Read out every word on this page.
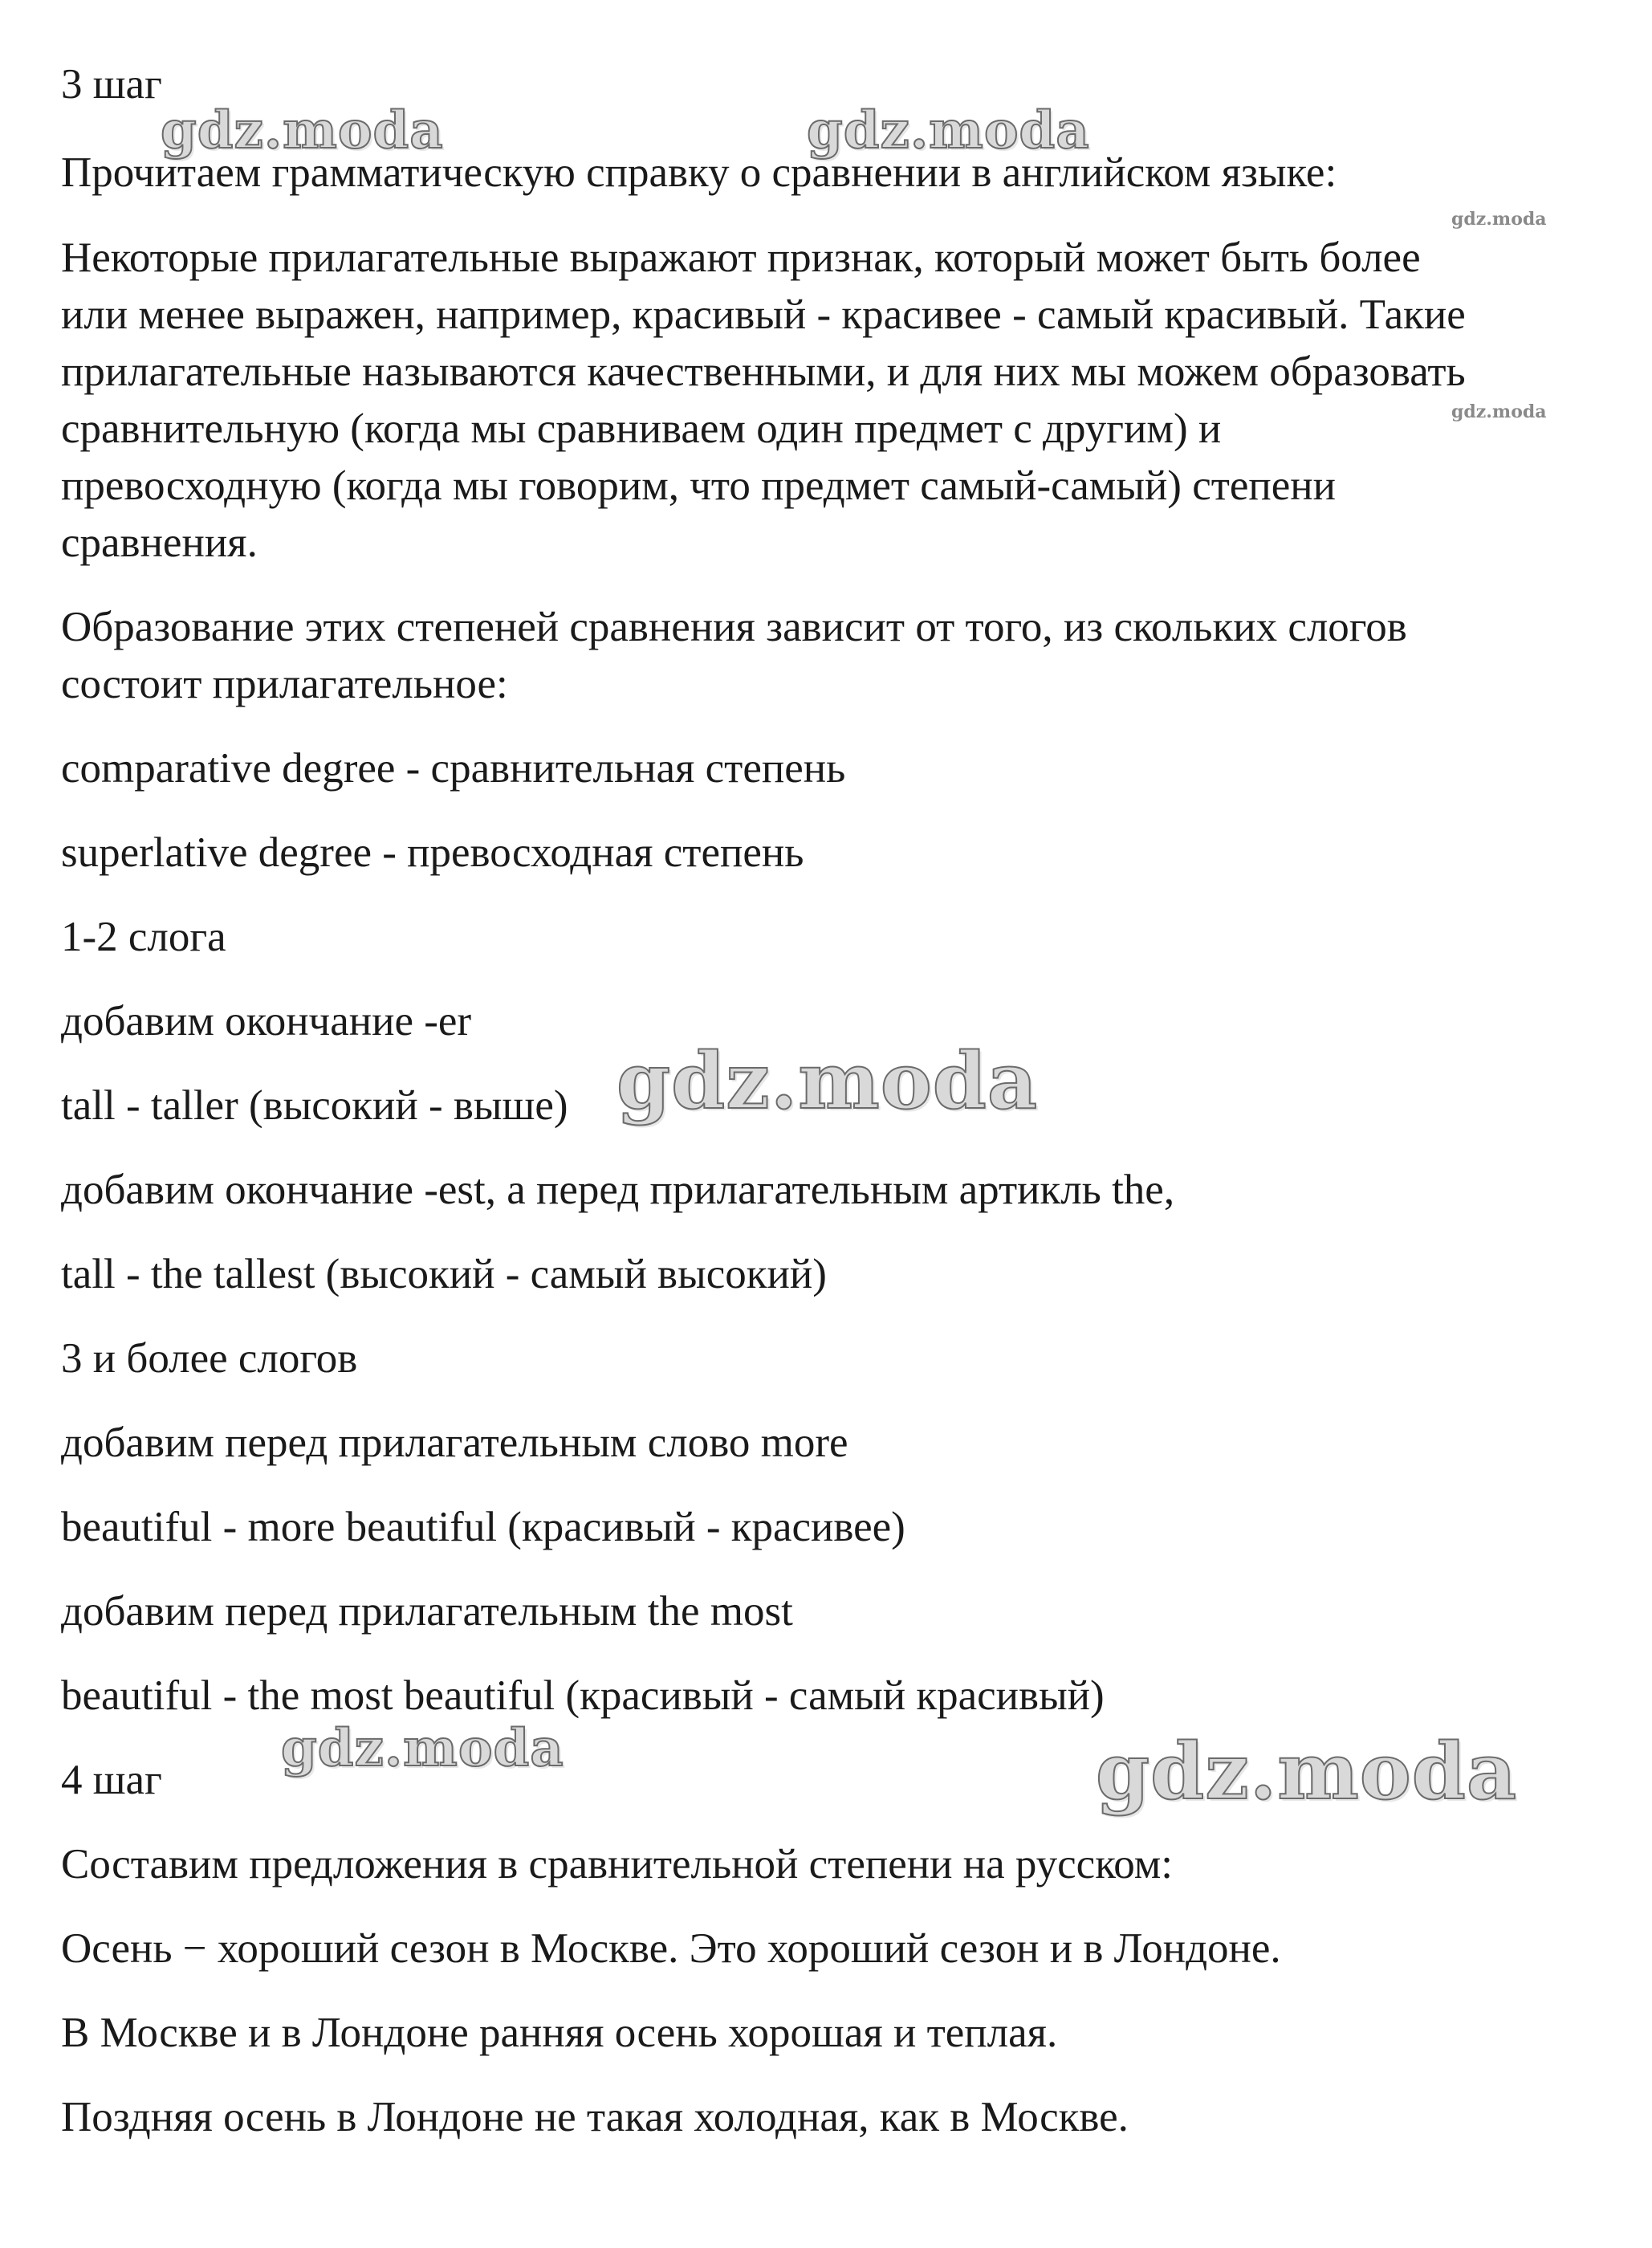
3 шаг

Прочитаем грамматическую справку о сравнении в английском языке:

Некоторые прилагательные выражают признак, который может быть более

или менее выражен, например, красивый - красивее - самый красивый. Такие

прилагательные называются качественными, и для них мы можем образовать

сравнительную (когда мы сравниваем один предмет с другим) и

превосходную (когда мы говорим, что предмет самый-самый) степени

сравнения.

Образование этих степеней сравнения зависит от того, из скольких слогов

состоит прилагательное:

comparative degree - сравнительная степень

superlative degree - превосходная степень

1-2 слога

добавим окончание -er

tall - taller (высокий - выше)

добавим окончание -est, а перед прилагательным артикль the,

tall - the tallest (высокий - самый высокий)

3 и более слогов

добавим перед прилагательным слово more

beautiful - more beautiful (красивый - красивее)

добавим перед прилагательным the most

beautiful - the most beautiful (красивый - самый красивый)

4 шаг

Составим предложения в сравнительной степени на русском:

Осень − хороший сезон в Москве. Это хороший сезон и в Лондоне.

В Москве и в Лондоне ранняя осень хорошая и теплая.

Поздняя осень в Лондоне не такая холодная, как в Москве.

gdz.moda	gdz.moda
gdz.moda
gdz.moda
gdz.moda
gdz.moda	gdz.moda
